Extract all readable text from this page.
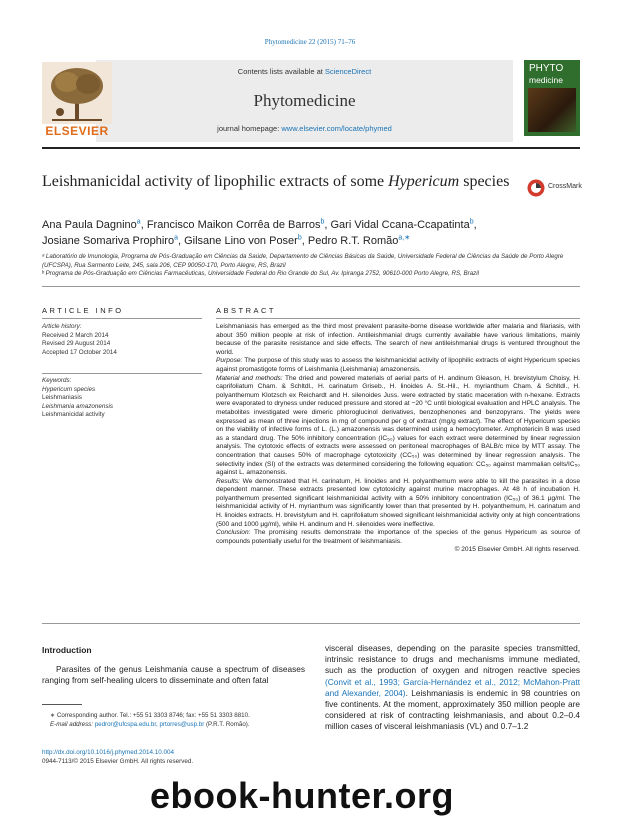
Phytomedicine 22 (2015) 71–76
ELSEVIER
Contents lists available at ScienceDirect
Phytomedicine
journal homepage: www.elsevier.com/locate/phymed
PHYTO
medicine
Leishmanicidal activity of lipophilic extracts of some Hypericum species	CrossMark
Ana Paula Dagnino$^a$, Francisco Maikon Corrêa de Barros$^b$, Gari Vidal Ccana-Ccapatinta$^b$,
Josiane Somariva Prophiro$^a$, Gilsane Lino von Poser$^b$, Pedro R.T. Romão$^{a,∗}$
ᵃ Laboratório de Imunologia, Programa de Pós-Graduação em Ciências da Saúde, Departamento de Ciências Básicas da Saúde, Universidade Federal de Ciências da Saúde de Porto Alegre (UFCSPA), Rua Sarmento Leite, 245, sala 206, CEP 90050-170, Porto Alegre, RS, Brazil
ᵇ Programa de Pós-Graduação em Ciências Farmacêuticas, Universidade Federal do Rio Grande do Sul, Av. Ipiranga 2752, 90610-000 Porto Alegre, RS, Brazil
ARTICLE INFO	ABSTRACT
Article history:
Received 2 March 2014
Revised 29 August 2014
Accepted 17 October 2014
Keywords:
Hypericum species
Leishmaniasis
Leishmania amazonensis
Leishmanicidal activity

Leishmaniasis has emerged as the third most prevalent parasite-borne disease worldwide after malaria and filariasis, with about 350 million people at risk of infection. Antileishmanial drugs currently available have various limitations, mainly because of the parasite resistance and side effects. The search of new antileishmanial drugs is ventured throughout the world.

Purpose: The purpose of this study was to assess the leishmanicidal activity of lipophilic extracts of eight Hypericum species against promastigote forms of Leishmania (Leishmania) amazonensis.

Material and methods: The dried and powered materials of aerial parts of H. andinum Gleason, H. brevistylum Choisy, H. caprifoliatum Cham. & Schltdl., H. carinatum Griseb., H. linoides A. St.-Hil., H. myrianthum Cham. & Schltdl., H. polyanthemum Klotzsch ex Reichardt and H. silenoides Juss. were extracted by static maceration with n-hexane. Extracts were evaporated to dryness under reduced pressure and stored at −20 °C until biological evaluation and HPLC analysis. The metabolites investigated were dimeric phloroglucinol derivatives, benzophenones and benzopyrans. The yields were expressed as mean of three injections in mg of compound per g of extract (mg/g extract). The effect of Hypericum species on the viability of infective forms of L. (L.) amazonensis was determined using a hemocytometer. Amphotericin B was used as a standard drug. The 50% inhibitory concentration (IC₅₀) values for each extract were determined by linear regression analysis. The cytotoxic effects of extracts were assessed on peritoneal macrophages of BALB/c mice by MTT assay. The concentration that causes 50% of macrophage cytotoxicity (CC₅₀) was determined by linear regression analysis. The selectivity index (SI) of the extracts was determined considering the following equation: CC₅₀ against mammalian cells/IC₅₀ against L. amazonensis.

Results: We demonstrated that H. carinatum, H. linoides and H. polyanthemum were able to kill the parasites in a dose dependent manner. These extracts presented low cytotoxicity against murine macrophages. At 48 h of incubation H. polyanthemum presented significant leishmanicidal activity with a 50% inhibitory concentration (IC₅₀) of 36.1 µg/ml. The leishmanicidal activity of H. myrianthum was significantly lower than that presented by H. polyanthemum, H. carinatum and H. linoides extracts. H. brevistylum and H. caprifoliatum showed significant leishmanicidal activity only at high concentrations (500 and 1000 µg/ml), while H. andinum and H. silenoides were ineffective.

Conclusion: The promising results demonstrate the importance of the species of the genus Hypericum as source of compounds potentially useful for the treatment of leishmaniasis.

© 2015 Elsevier GmbH. All rights reserved.

Introduction
Parasites of the genus Leishmania cause a spectrum of diseases ranging from self-healing ulcers to disseminate and often fatal
visceral diseases, depending on the parasite species transmitted, intrinsic resistance to drugs and mechanisms immune mediated, such as the production of oxygen and nitrogen reactive species (Convit et al., 1993; García-Hernández et al., 2012; McMahon-Pratt and Alexander, 2004). Leishmaniasis is endemic in 98 countries on five continents. At the moment, approximately 350 million people are considered at risk of contracting leishmaniasis, and about 0.2–0.4 million cases of visceral leishmaniasis (VL) and 0.7–1.2
∗ Corresponding author. Tel.: +55 51 3303 8746; fax: +55 51 3303 8810.
E-mail address: pedror@ufcspa.edu.br, prtorres@usp.br (P.R.T. Romão).
http://dx.doi.org/10.1016/j.phymed.2014.10.004
0944-7113/© 2015 Elsevier GmbH. All rights reserved.
ebook-hunter.org
